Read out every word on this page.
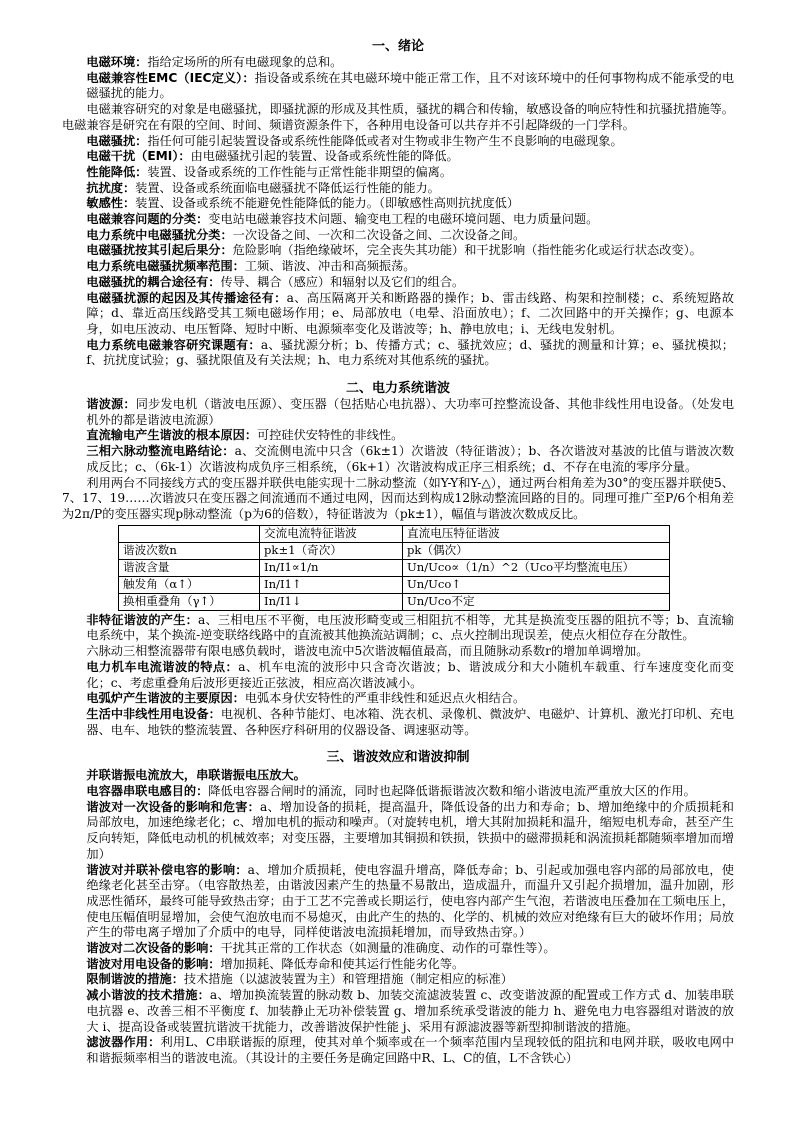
一、绪论

电磁环境：指给定场所的所有电磁现象的总和。

电磁兼容性EMC（IEC定义）：指设备或系统在其电磁环境中能正常工作，且不对该环境中的任何事物构成不能承受的电磁骚扰的能力。

电磁兼容研究的对象是电磁骚扰，即骚扰源的形成及其性质，骚扰的耦合和传输，敏感设备的响应特性和抗骚扰措施等。电磁兼容是研究在有限的空间、时间、频谱资源条件下，各种用电设备可以共存并不引起降级的一门学科。

电磁骚扰：指任何可能引起装置设备或系统性能降低或者对生物或非生物产生不良影响的电磁现象。

电磁干扰（EMI）：由电磁骚扰引起的装置、设备或系统性能的降低。

性能降低：装置、设备或系统的工作性能与正常性能非期望的偏离。

抗扰度：装置、设备或系统面临电磁骚扰不降低运行性能的能力。

敏感性：装置、设备或系统不能避免性能降低的能力。（即敏感性高则抗扰度低）

电磁兼容问题的分类：变电站电磁兼容技术问题、输变电工程的电磁环境问题、电力质量问题。

电力系统中电磁骚扰分类：一次设备之间、一次和二次设备之间、二次设备之间。

电磁骚扰按其引起后果分：危险影响（指绝缘破坏，完全丧失其功能）和干扰影响（指性能劣化或运行状态改变）。

电力系统电磁骚扰频率范围：工频、谐波、冲击和高频振荡。

电磁骚扰的耦合途径有：传导、耦合（感应）和辐射以及它们的组合。

电磁骚扰源的起因及其传播途径有：a、高压隔离开关和断路器的操作；b、雷击线路、构架和控制楼；c、系统短路故障；d、靠近高压线路受其工频电磁场作用；e、局部放电（电晕、沿面放电）；f、二次回路中的开关操作；g、电源本身，如电压波动、电压暂降、短时中断、电源频率变化及谐波等；h、静电放电；i、无线电发射机。

电力系统电磁兼容研究课题有：a、骚扰源分析；b、传播方式；c、骚扰效应；d、骚扰的测量和计算；e、骚扰模拟；f、抗扰度试验；g、骚扰限值及有关法规；h、电力系统对其他系统的骚扰。

二、电力系统谐波

谐波源：同步发电机（谐波电压源）、变压器（包括贴心电抗器）、大功率可控整流设备、其他非线性用电设备。（处发电机外的都是谐波电流源）

直流输电产生谐波的根本原因：可控硅伏安特性的非线性。

三相六脉动整流电路结论：a、交流侧电流中只含（6k±1）次谐波（特征谐波）；b、各次谐波对基波的比值与谐波次数成反比；c、（6k-1）次谐波构成负序三相系统，（6k+1）次谐波构成正序三相系统；d、不存在电流的零序分量。

利用两台不同接线方式的变压器并联供电能实现十二脉动整流（如Y-Y和Y-△），通过两台相角差为30°的变压器并联使5、7、17、19……次谐波只在变压器之间流通而不通过电网，因而达到构成12脉动整流回路的目的。同理可推广至P/6个相角差为2π/P的变压器实现p脉动整流（p为6的倍数），特征谐波为（pk±1），幅值与谐波次数成反比。

	交流电流特征谐波	直流电压特征谐波
谐波次数n	pk±1（奇次）	pk（偶次）
谐波含量	In/I1∝1/n	Un/Uco∝（1/n）^2（Uco平均整流电压）
触发角（α↑）	In/I1↑	Un/Uco↑
换相重叠角（γ↑）	In/I1↓	Un/Uco不定

非特征谐波的产生：a、三相电压不平衡，电压波形畸变或三相阻抗不相等，尤其是换流变压器的阻抗不等；b、直流输电系统中，某个换流-逆变联络线路中的直流被其他换流站调制；c、点火控制出现误差，使点火相位存在分散性。

六脉动三相整流器带有限电感负载时，谐波电流中5次谐波幅值最高，而且随脉动系数r的增加单调增加。

电力机车电流谐波的特点：a、机车电流的波形中只含奇次谐波；b、谐波成分和大小随机车载重、行车速度变化而变化；c、考虑重叠角后波形更接近正弦波，相应高次谐波减小。

电弧炉产生谐波的主要原因：电弧本身伏安特性的严重非线性和延迟点火相结合。

生活中非线性用电设备：电视机、各种节能灯、电冰箱、洗衣机、录像机、微波炉、电磁炉、计算机、激光打印机、充电器、电车、地铁的整流装置、各种医疗科研用的仪器设备、调速驱动等。

三、谐波效应和谐波抑制

并联谐振电流放大，串联谐振电压放大。

电容器串联电感目的：降低电容器合闸时的涌流，同时也起降低谐振谐波次数和缩小谐波电流严重放大区的作用。

谐波对一次设备的影响和危害：a、增加设备的损耗，提高温升，降低设备的出力和寿命；b、增加绝缘中的介质损耗和局部放电，加速绝缘老化；c、增加电机的振动和噪声。（对旋转电机，增大其附加损耗和温升，缩短电机寿命，甚至产生反向转矩，降低电动机的机械效率；对变压器，主要增加其铜损和铁损，铁损中的磁滞损耗和涡流损耗都随频率增加而增加）

谐波对并联补偿电容的影响：a、增加介质损耗，使电容温升增高，降低寿命；b、引起或加强电容内部的局部放电，使绝缘老化甚至击穿。（电容散热差，由谐波因素产生的热量不易散出，造成温升，而温升又引起介损增加，温升加剧，形成恶性循环，最终可能导致热击穿；由于工艺不完善或长期运行，使电容内部产生气泡，若谐波电压叠加在工频电压上，使电压幅值明显增加，会使气泡放电而不易熄灭，由此产生的热的、化学的、机械的效应对绝缘有巨大的破坏作用；局放产生的带电离子增加了介质中的电导，同样使谐波电流损耗增加，而导致热击穿。）

谐波对二次设备的影响：干扰其正常的工作状态（如测量的准确度、动作的可靠性等）。

谐波对用电设备的影响：增加损耗、降低寿命和使其运行性能劣化等。

限制谐波的措施：技术措施（以滤波装置为主）和管理措施（制定相应的标准）

减小谐波的技术措施：a、增加换流装置的脉动数 b、加装交流滤波装置 c、改变谐波源的配置或工作方式 d、加装串联电抗器 e、改善三相不平衡度 f、加装静止无功补偿装置 g、增加系统承受谐波的能力 h、避免电力电容器组对谐波的放大 i、提高设备或装置抗谐波干扰能力，改善谐波保护性能 j、采用有源滤波器等新型抑制谐波的措施。

滤波器作用：利用L、C串联谐振的原理，使其对单个频率或在一个频率范围内呈现较低的阻抗和电网并联，吸收电网中和谐振频率相当的谐波电流。（其设计的主要任务是确定回路中R、L、C的值，L不含铁心）
